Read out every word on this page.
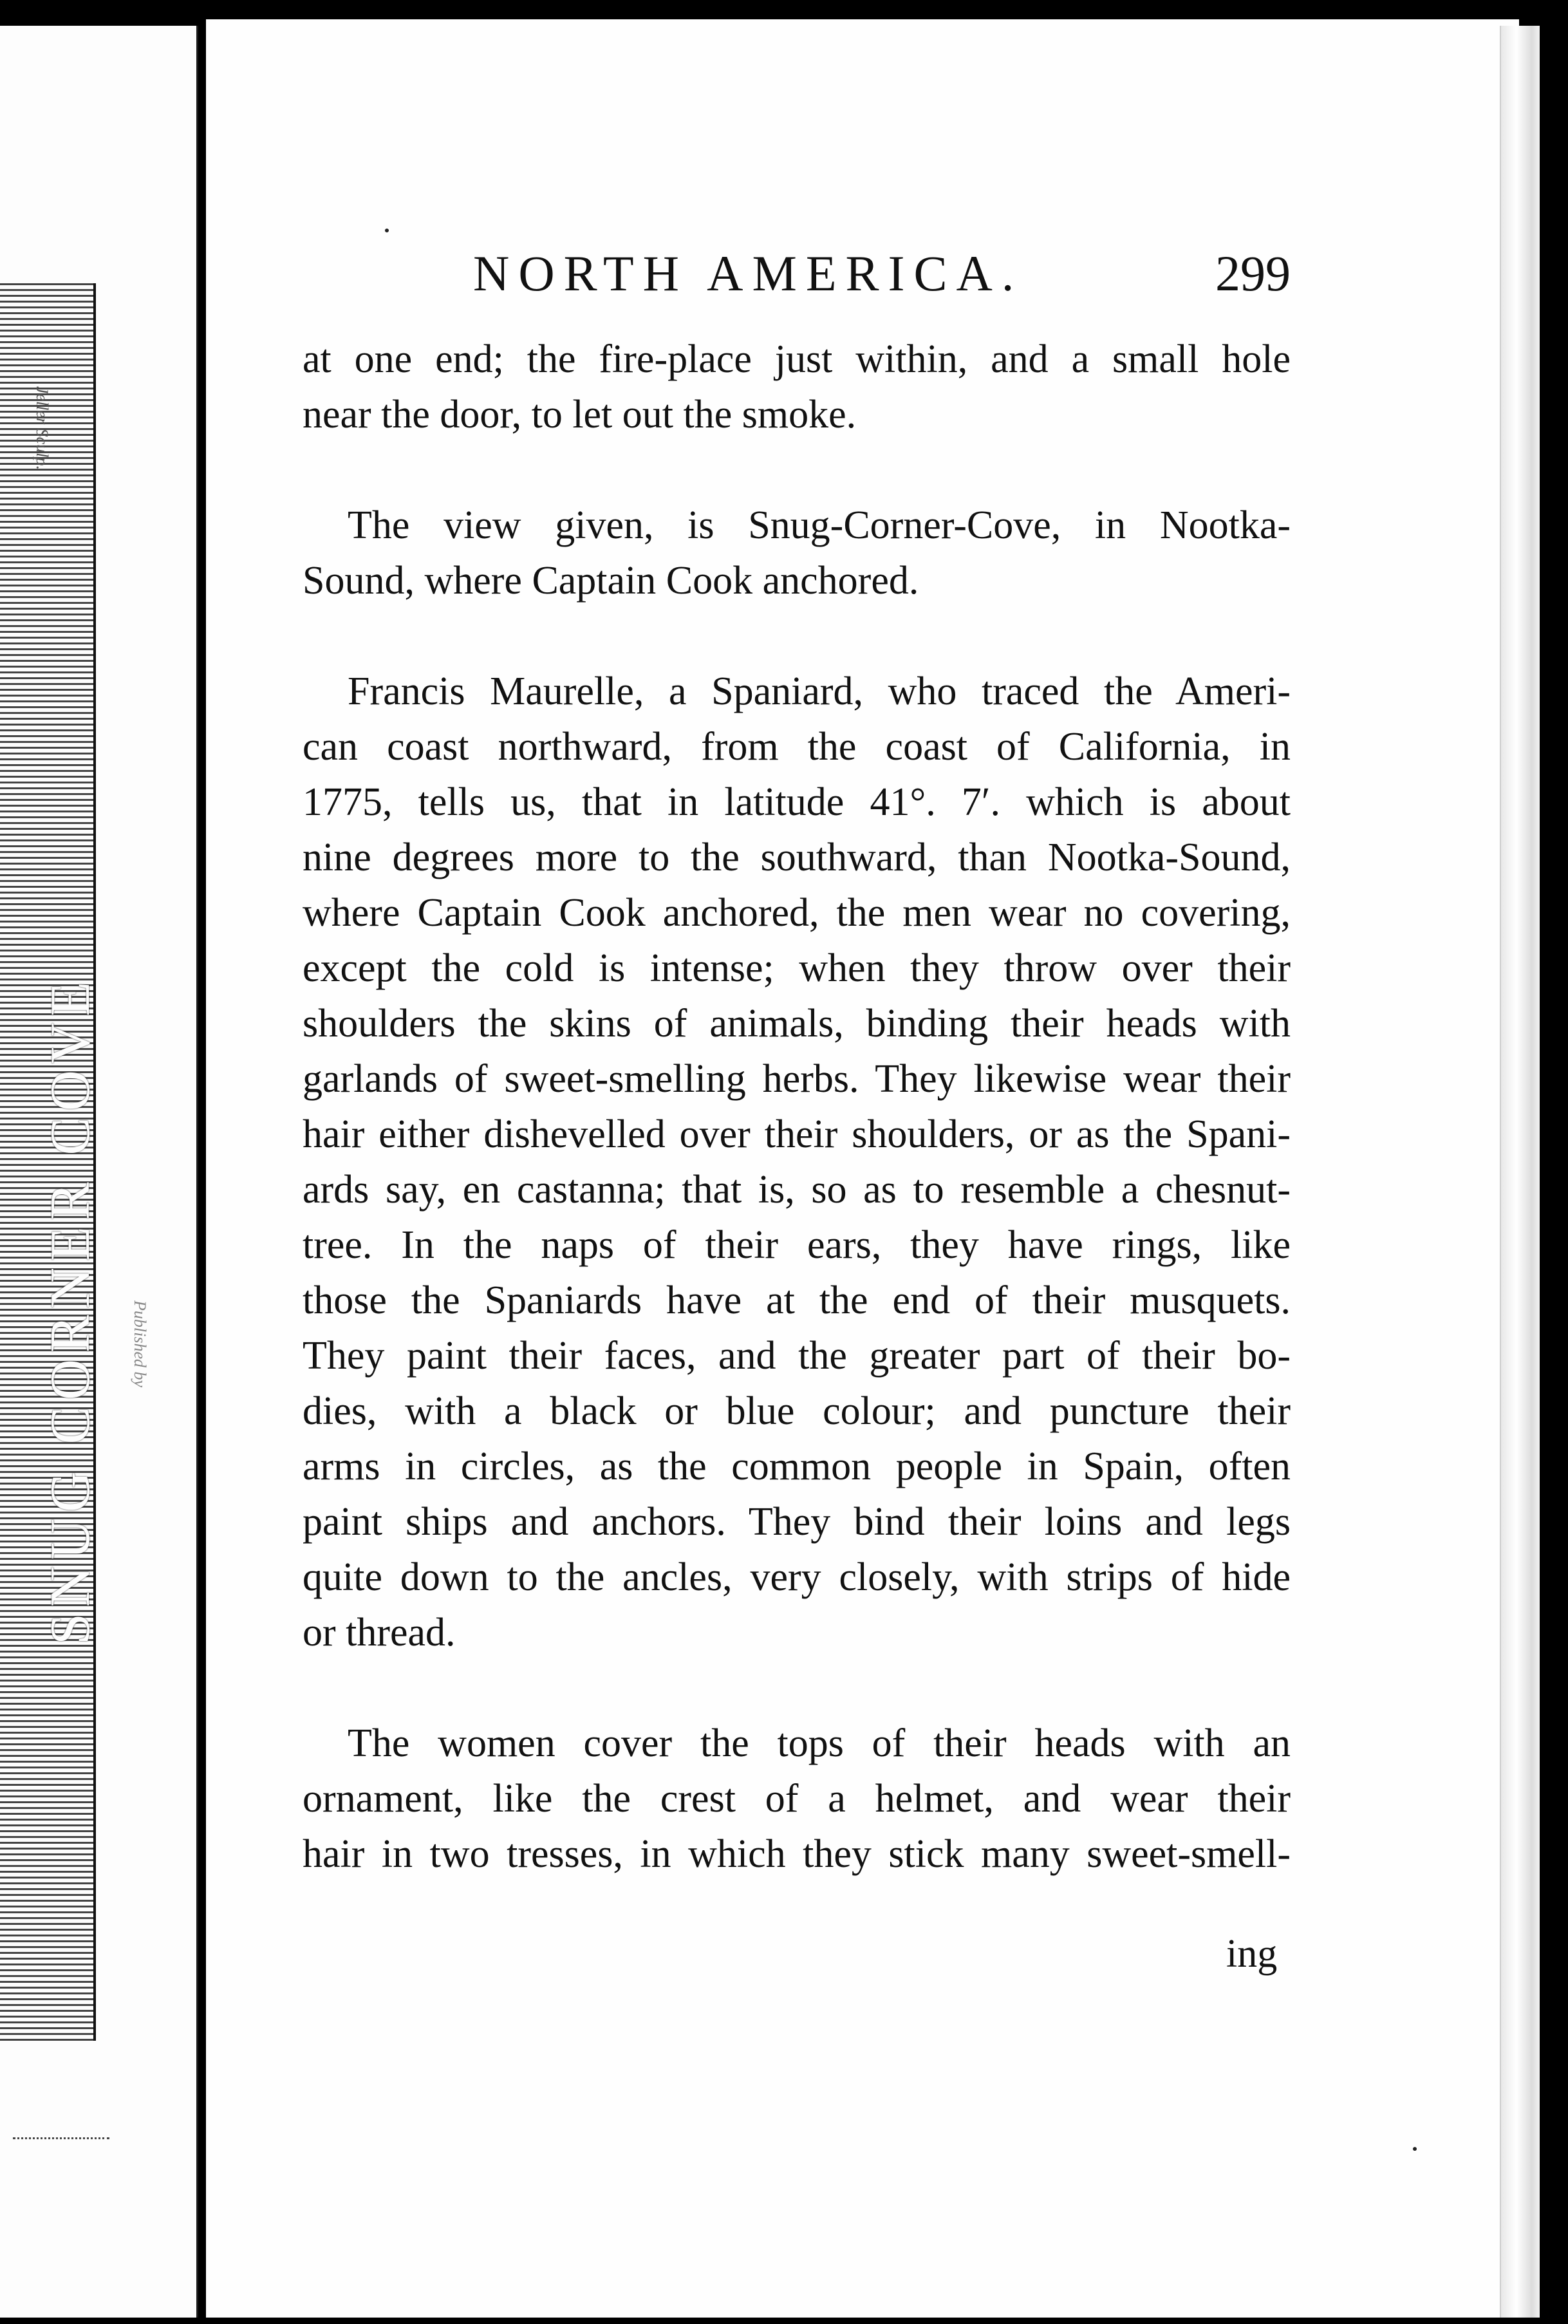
SNUG CORNER COVE
Jeller Sculp.
Published by
NORTH AMERICA.	299
at one end; the fire-place just within, and a small hole
near the door, to let out the smoke.
The view given, is Snug-Corner-Cove, in Nootka-
Sound, where Captain Cook anchored.
Francis Maurelle, a Spaniard, who traced the Ameri-
can coast northward, from the coast of California, in
1775, tells us, that in latitude 41°. 7′. which is about
nine degrees more to the southward, than Nootka-Sound,
where Captain Cook anchored, the men wear no covering,
except the cold is intense; when they throw over their
shoulders the skins of animals, binding their heads with
garlands of sweet-smelling herbs. They likewise wear their
hair either dishevelled over their shoulders, or as the Spani-
ards say, en castanna; that is, so as to resemble a chesnut-
tree. In the naps of their ears, they have rings, like
those the Spaniards have at the end of their musquets.
They paint their faces, and the greater part of their bo-
dies, with a black or blue colour; and puncture their
arms in circles, as the common people in Spain, often
paint ships and anchors. They bind their loins and legs
quite down to the ancles, very closely, with strips of hide
or thread.
The women cover the tops of their heads with an
ornament, like the crest of a helmet, and wear their
hair in two tresses, in which they stick many sweet-smell-
ing
